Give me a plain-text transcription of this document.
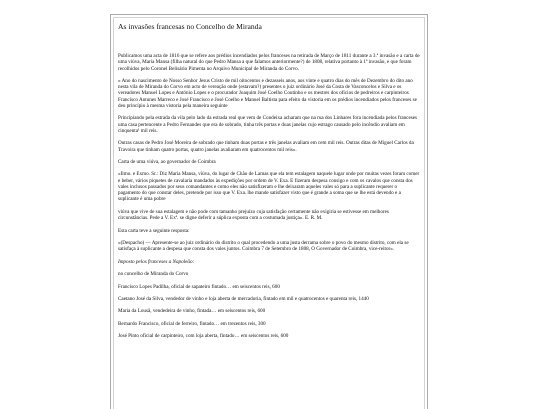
As invasões francesas no Concelho de Miranda

Publicamos uma acta de 1816 que se refere aos prédios incendiados pelos franceses na retirada de Março de 1811 durante a 3.ª invasão e a carta de uma viúva, Maria Mansa (filha natural do que Pedro Mansa a que falamos anteriormente?) de 1808, relativa portanto à 1ª invasão, e que foram recolhidos pelo Coronel Belisário Pimenta no Arquivo Municipal de Miranda do Corvo.

« Ano do nascimento de Nosso Senhor Jesus Cristo de mil oitocentos e dezasseis anos, aos vinte e quatro dias do mês de Dezembro do dito ano nesta vila de Miranda do Corvo em acto de vereação onde (estavam?) presentes o juiz ordinário José da Costa de Vasconcelos e Silva e os vereadores Manuel Lopes e António Lopes e o procurador Joaquim José Coelho Coutinho e os mestres dos ofícios de pedreiros e carpinteiros Francisco Antunes Marreco e José Francisco e José Coelho e Manuel Baltista para efeito da vistoria em os prédios incendiados pelos franceses se deu princípio à mesma vistoria pela maneira seguinte

Principiando pela estrada da vila pelo lado da estrada real que vem de Condeixa acharam que na rua dos Linhares fora incendiada pelos franceses uma casa pertencente a Pedro Fernandes que era de sobrado, tinha três portas e duas janelas cujo estrago causado pelo incêndio avaliam em cinquenta¹ mil reis.

Outras casas de Pedro José Moreira de sobrado que tinham duas portas e três janelas avaliam em cem mil reis. Outras ditas de Miguel Carlos da Travoira que tinham quatro portas, quatro janelas avaliaram em quatrocentos mil reis».

Carta de uma viúva, ao governador de Coimbra

«Ilmo. e Exmo. Sr.: Diz Maria Mansa, viúva, do lugar de Chão de Lamas que ela tem estalagem naquele lugar onde por muitas vezes foram comer e beber, vários piquetes de cavalaria mandados às expedições por ordem de V. Exa. E fizeram despesa consigo e com os cavalos que consta dos vales inclusos passados por seus comandantes e como eles não satisfizeram e lhe deixaram aqueles vales só para a suplicante requerer o pagamento do que constar deles, pretende por isso que V. Exa. lhe mande satisfazer visto que é grande a soma que se lhe está devendo e a suplicante é uma pobre

viúva que vive de sua estalagem e não pode com tamanho prejuízo cuja satisfação certamente não exigiria se estivesse em melhores circunstâncias. Pede a V. Exª. se digne deferir a súplica exposta com a costumada justiça». E. R. M.

Esta carta teve a seguinte resposta:

«(Despacho) — Apresente-se ao juiz ordinário do distrito o qual procedendo a uma justa derrama sobre o povo do mesmo distrito, com ela se satisfaça à suplicante a despesa que consta dos vales juntos. Coimbra 7 de Setembro de 1808, O Governador de Coimbra, vice-reitor».

Imposto pelos franceses a Napoleão:

no concelho de Miranda do Corvo

Francisco Lopes Padilha, oficial de sapateiro fintado… em seiscentos reis, 600

Caetano José da Silva, vendedor de vinho e loja aberta de mercadoria, fintado em mil e quatrocentos e quarenta reis, 1440

Maria da Lousã, vendedeira de vinho, fintada… em seiscentos reis, 600

Bernardo Francisco, oficial de ferreiro, fintado… em trezentos reis, 300

José Pinto oficial de carpinteiro, com loja aberta, fintado… em seiscentos reis, 600
